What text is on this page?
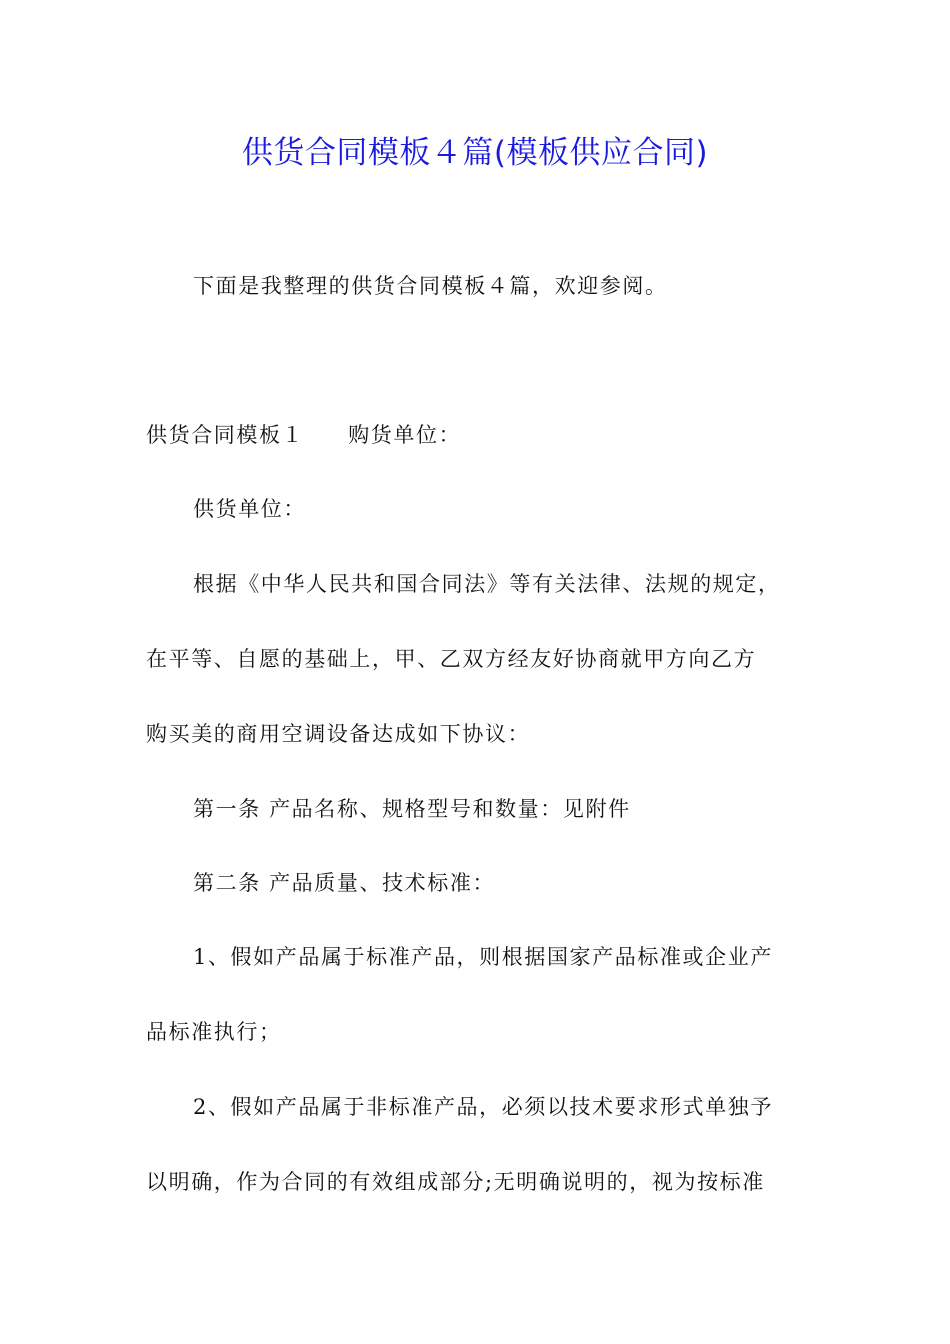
供货合同模板４篇(模板供应合同)

下面是我整理的供货合同模板４篇，欢迎参阅。

供货合同模板１ 购货单位：

供货单位：

根据《中华人民共和国合同法》等有关法律、法规的规定，

在平等、自愿的基础上，甲、乙双方经友好协商就甲方向乙方

购买美的商用空调设备达成如下协议：

第一条 产品名称、规格型号和数量：见附件

第二条 产品质量、技术标准：

1、假如产品属于标准产品，则根据国家产品标准或企业产

品标准执行；

2、假如产品属于非标准产品，必须以技术要求形式单独予

以明确，作为合同的有效组成部分;无明确说明的，视为按标准
